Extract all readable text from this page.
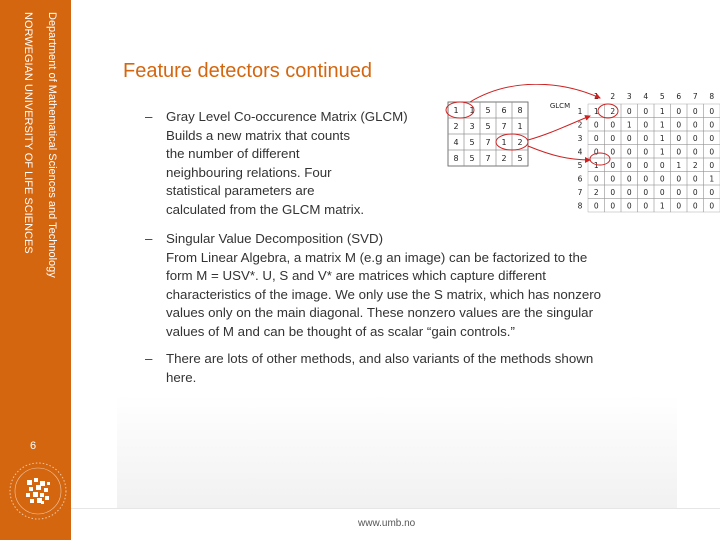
Department of Mathematical Sciences and Technology
NORWEGIAN UNIVERSITY OF LIFE SCIENCES
6
Feature detectors continued
– Gray Level Co-occurence Matrix (GLCM)
Builds a new matrix that counts
the number of different
neighbouring relations. Four
statistical parameters are
calculated from the GLCM matrix.
– Singular Value Decomposition (SVD)
From Linear Algebra, a matrix M (e.g an image) can be factorized to the
form M = USV*. U, S and V* are matrices which capture different
characteristics of the image. We only use the S matrix, which has nonzero
values only on the main diagonal. These nonzero values are the singular
values of M and can be thought of as scalar “gain controls.”
– There are lots of other methods, and also variants of the methods shown
here.
1 1 5 6 8
2 3 5 7 1
4 5 7 1 2
8 5 7 2 5
GLCM
1 2 3 4 5 6 7 8
1
2
3
4
5
6
7
8
1 2 0 0 1 0 0 0
0 0 1 0 1 0 0 0
0 0 0 0 1 0 0 0
0 0 0 0 1 0 0 0
1 0 0 0 0 1 2 0
0 0 0 0 0 0 0 1
2 0 0 0 0 0 0 0
0 0 0 0 1 0 0 0
www.umb.no
